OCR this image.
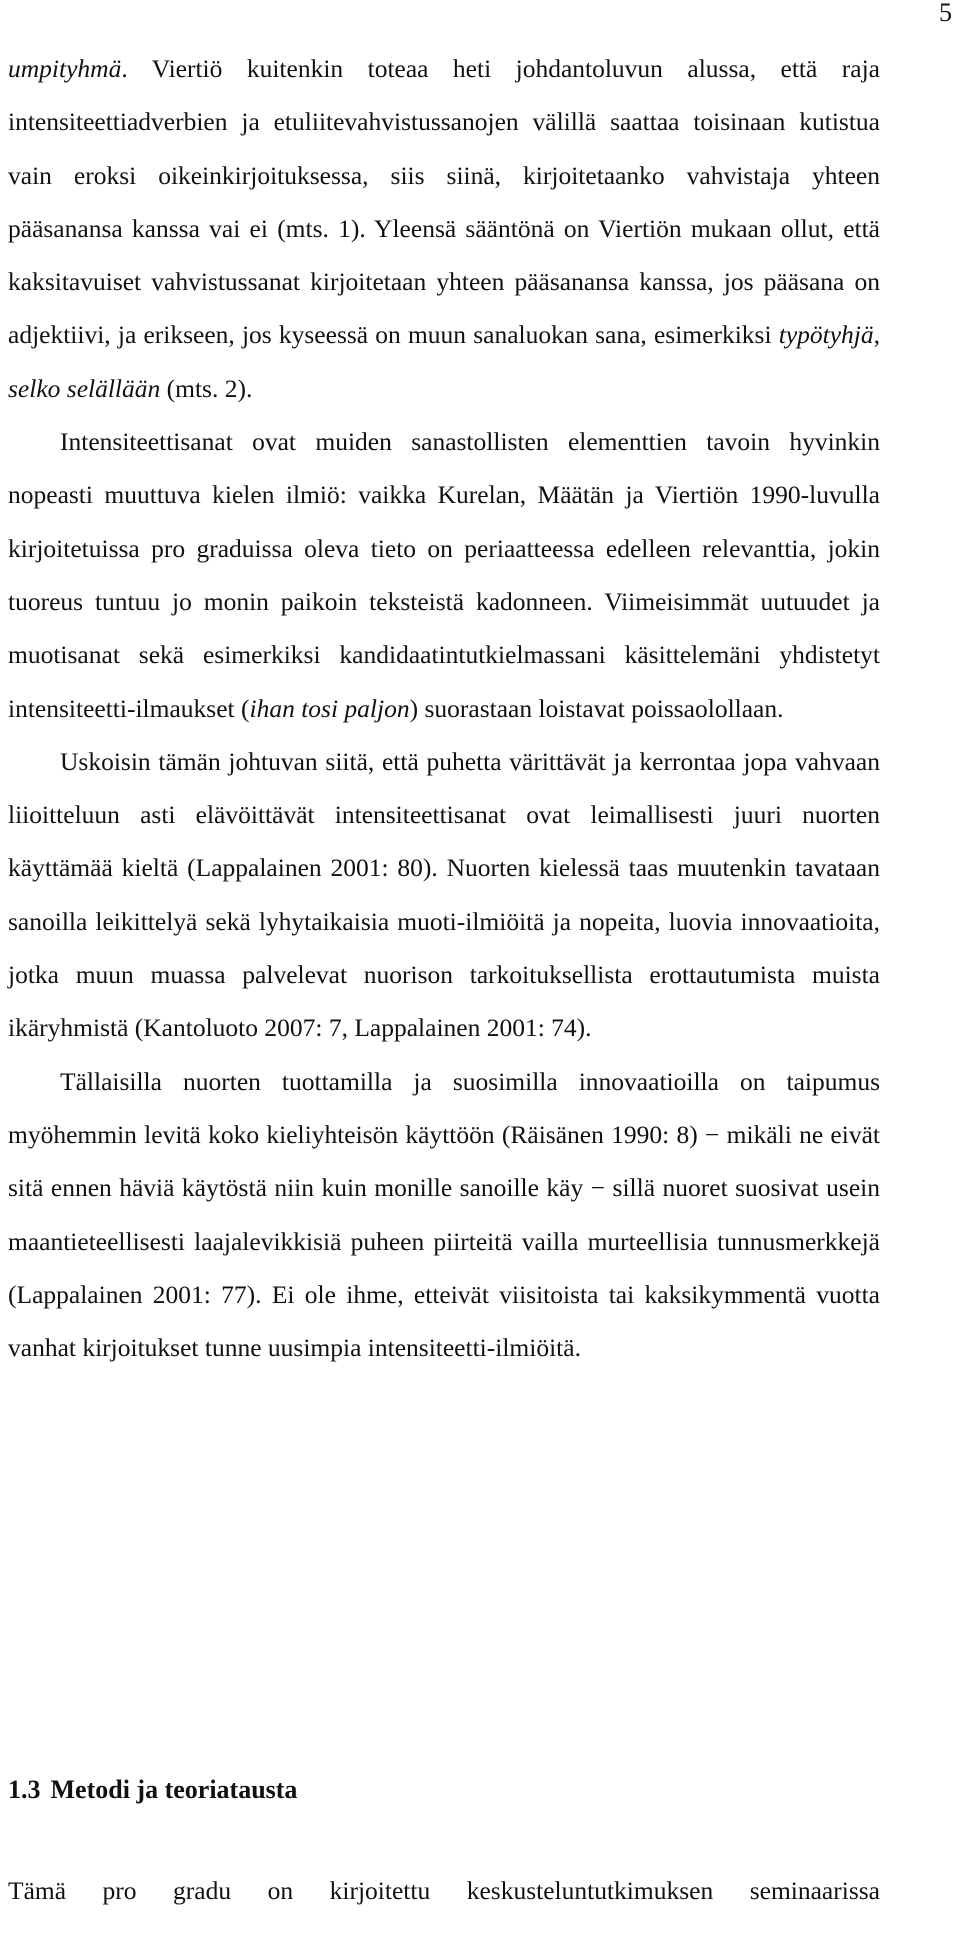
5

umpityhmä. Viertiö kuitenkin toteaa heti johdantoluvun alussa, että raja intensiteettiadverbien ja etuliitevahvistussanojen välillä saattaa toisinaan kutistua vain eroksi oikeinkirjoituksessa, siis siinä, kirjoitetaanko vahvistaja yhteen pääsanansa kanssa vai ei (mts. 1). Yleensä sääntönä on Viertiön mukaan ollut, että kaksitavuiset vahvistussanat kirjoitetaan yhteen pääsanansa kanssa, jos pääsana on adjektiivi, ja erikseen, jos kyseessä on muun sanaluokan sana, esimerkiksi typötyhjä, selko selällään (mts. 2).

Intensiteettisanat ovat muiden sanastollisten elementtien tavoin hyvinkin nopeasti muuttuva kielen ilmiö: vaikka Kurelan, Määtän ja Viertiön 1990-luvulla kirjoitetuissa pro graduissa oleva tieto on periaatteessa edelleen relevanttia, jokin tuoreus tuntuu jo monin paikoin teksteistä kadonneen. Viimeisimmät uutuudet ja muotisanat sekä esimerkiksi kandidaatintutkielmassani käsittelemäni yhdistetyt intensiteetti-ilmaukset (ihan tosi paljon) suorastaan loistavat poissaolollaan.

Uskoisin tämän johtuvan siitä, että puhetta värittävät ja kerrontaa jopa vahvaan liioitteluun asti elävöittävät intensiteettisanat ovat leimallisesti juuri nuorten käyttämää kieltä (Lappalainen 2001: 80). Nuorten kielessä taas muutenkin tavataan sanoilla leikittelyä sekä lyhytaikaisia muoti-ilmiöitä ja nopeita, luovia innovaatioita, jotka muun muassa palvelevat nuorison tarkoituksellista erottautumista muista ikäryhmistä (Kantoluoto 2007: 7, Lappalainen 2001: 74).

Tällaisilla nuorten tuottamilla ja suosimilla innovaatioilla on taipumus myöhemmin levitä koko kieliyhteisön käyttöön (Räisänen 1990: 8) − mikäli ne eivät sitä ennen häviä käytöstä niin kuin monille sanoille käy − sillä nuoret suosivat usein maantieteellisesti laajalevikkisiä puheen piirteitä vailla murteellisia tunnusmerkkejä (Lappalainen 2001: 77). Ei ole ihme, etteivät viisitoista tai kaksikymmentä vuotta vanhat kirjoitukset tunne uusimpia intensiteetti-ilmiöitä.

1.3 Metodi ja teoriatausta

Tämä pro gradu on kirjoitettu keskusteluntutkimuksen seminaarissa
